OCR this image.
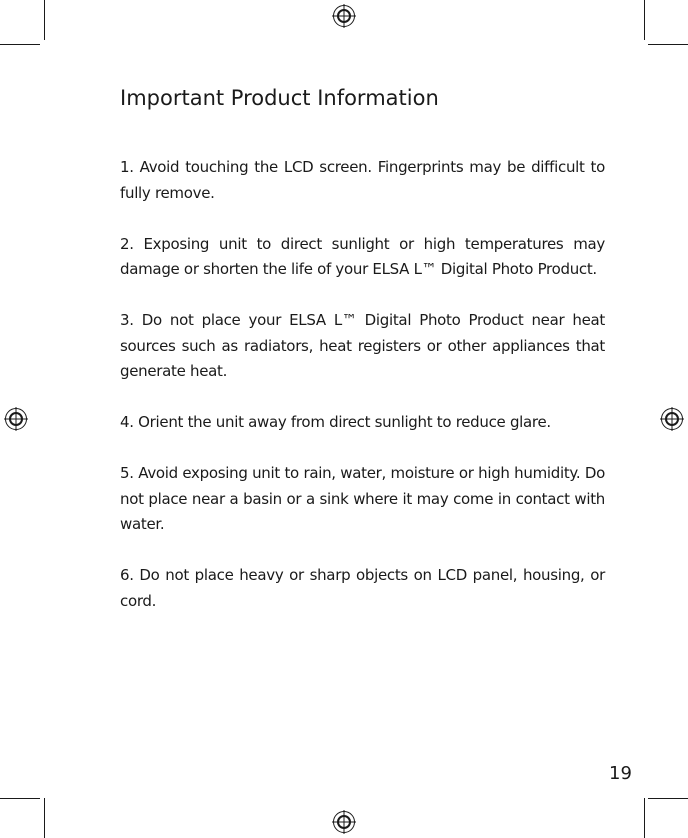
Important Product Information

1. Avoid touching the LCD screen. Fingerprints may be difficult to fully remove.

2. Exposing unit to direct sunlight or high temperatures may damage or shorten the life of your ELSA L™ Digital Photo Product.

3. Do not place your ELSA L™ Digital Photo Product near heat sources such as radiators, heat registers or other appliances that generate heat.

4. Orient the unit away from direct sunlight to reduce glare.

5. Avoid exposing unit to rain, water, moisture or high humidity. Do not place near a basin or a sink where it may come in contact with water.

6. Do not place heavy or sharp objects on LCD panel, housing, or cord.

19
